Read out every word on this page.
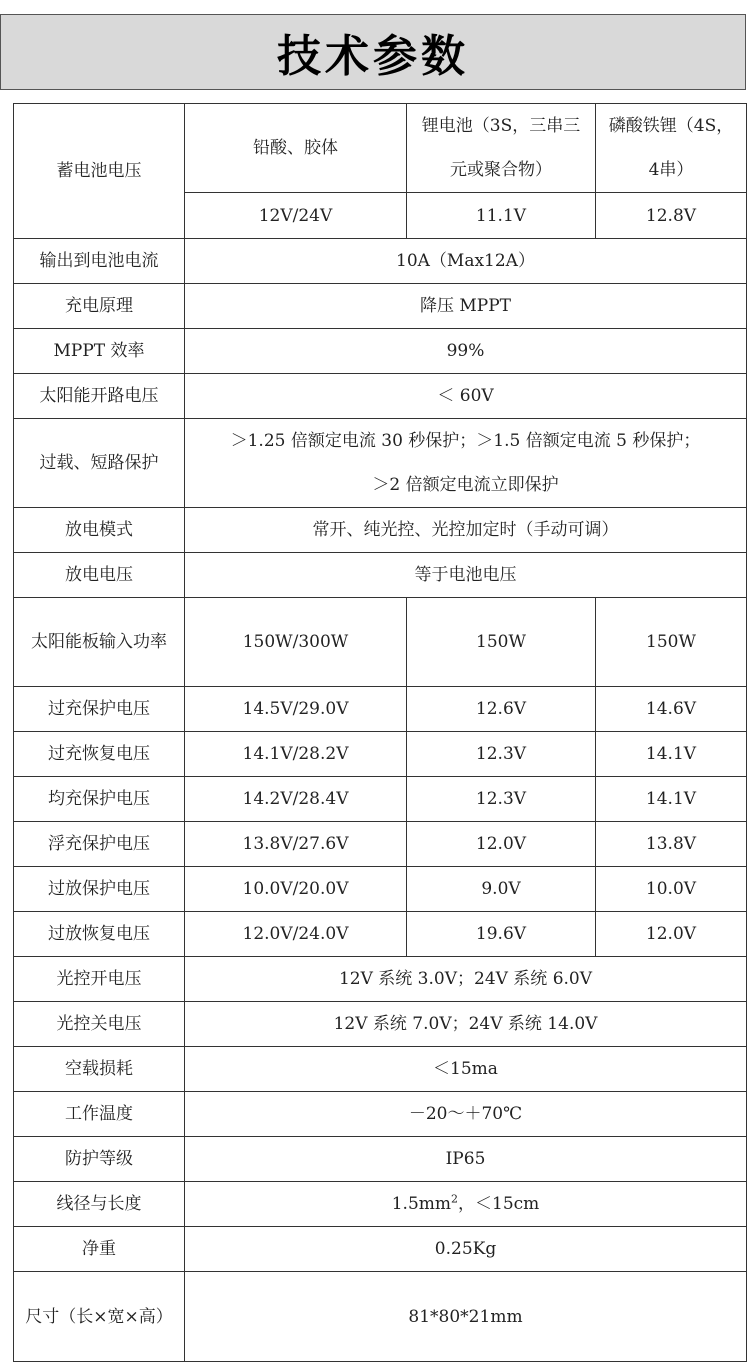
技术参数
蓄电池电压	铅酸、胶体	锂电池（3S，三串三元或聚合物）	磷酸铁锂（4S，4串）
	12V/24V	11.1V	12.8V
输出到电池电流	10A（Max12A）		
充电原理	降压 MPPT		
MPPT 效率	99%		
太阳能开路电压	＜ 60V		
过载、短路保护	＞1.25 倍额定电流 30 秒保护；＞1.5 倍额定电流 5 秒保护；
＞2 倍额定电流立即保护		

放电模式	常开、纯光控、光控加定时（手动可调）		
放电电压	等于电池电压		
太阳能板输入功率	150W/300W	150W	150W
过充保护电压	14.5V/29.0V	12.6V	14.6V
过充恢复电压	14.1V/28.2V	12.3V	14.1V
均充保护电压	14.2V/28.4V	12.3V	14.1V
浮充保护电压	13.8V/27.6V	12.0V	13.8V
过放保护电压	10.0V/20.0V	9.0V	10.0V
过放恢复电压	12.0V/24.0V	19.6V	12.0V
光控开电压	12V 系统 3.0V；24V 系统 6.0V		
光控关电压	12V 系统 7.0V；24V 系统 14.0V		
空载损耗	＜15ma		
工作温度	－20～＋70℃		
防护等级	IP65		
线径与长度	$1.5mm^2$，＜15cm		
净重	0.25Kg		
尺寸（长×宽×高）	81*80*21mm		
